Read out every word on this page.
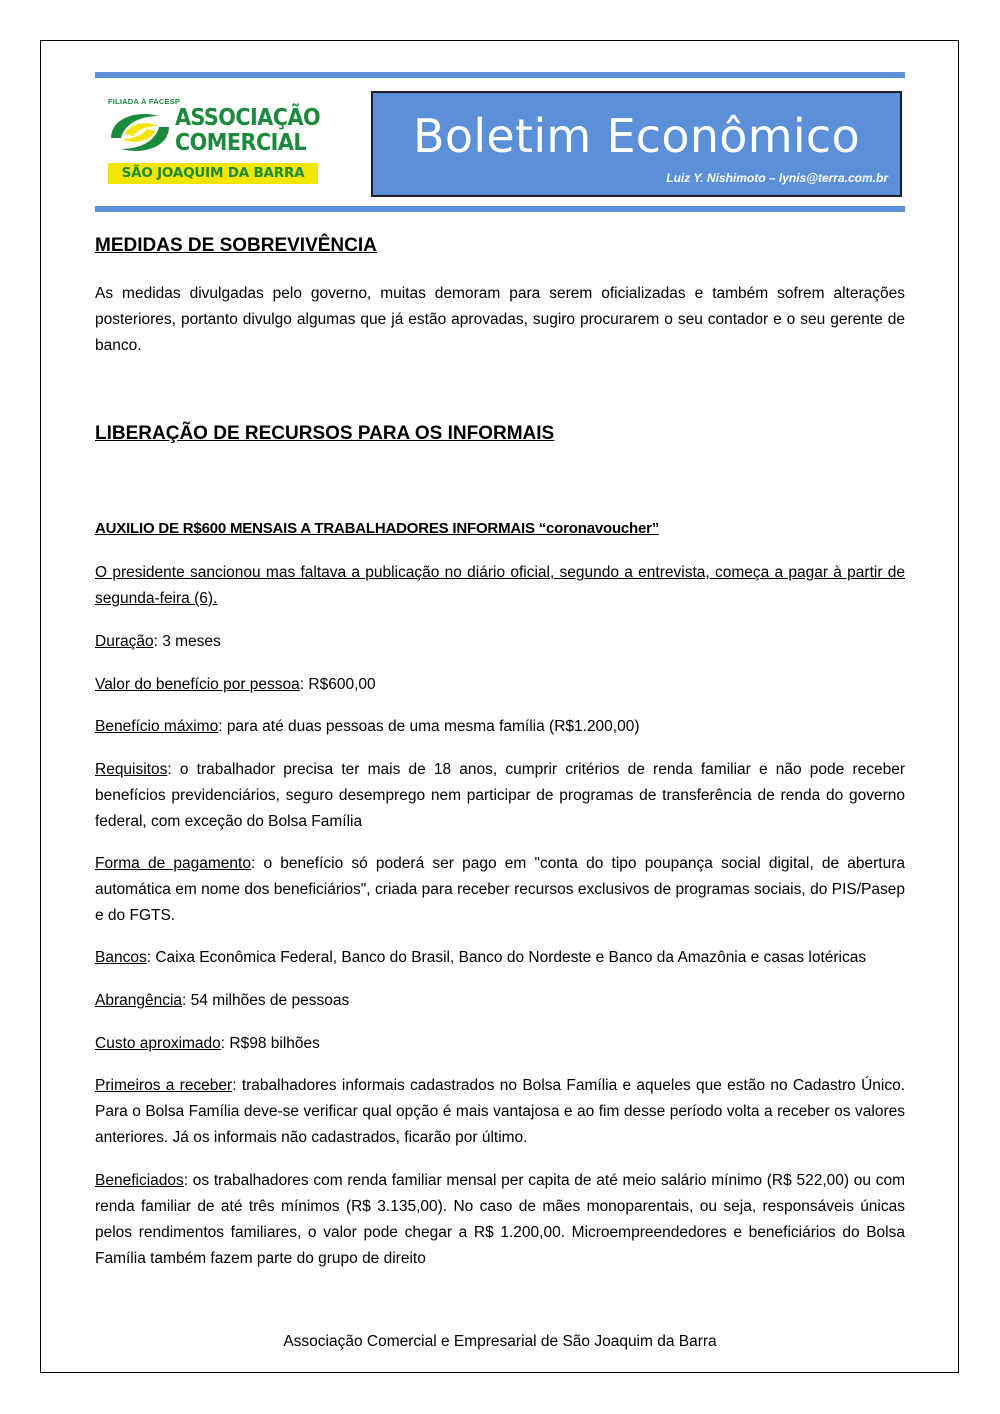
FILIADA À FACESP
ASSOCIAÇÃO
COMERCIAL
SÃO JOAQUIM DA BARRA
Boletim Econômico
Luiz Y. Nishimoto – lynis@terra.com.br
MEDIDAS DE SOBREVIVÊNCIA

As medidas divulgadas pelo governo, muitas demoram para serem oficializadas e também sofrem alterações posteriores, portanto divulgo algumas que já estão aprovadas, sugiro procurarem o seu contador e o seu gerente de banco.

LIBERAÇÃO DE RECURSOS PARA OS INFORMAIS
AUXILIO DE R$600 MENSAIS A TRABALHADORES INFORMAIS “coronavoucher”

O presidente sancionou mas faltava a publicação no diário oficial, segundo a entrevista, começa a pagar à partir de segunda-feira (6).

Duração: 3 meses

Valor do benefício por pessoa: R$600,00

Benefício máximo: para até duas pessoas de uma mesma família (R$1.200,00)

Requisitos: o trabalhador precisa ter mais de 18 anos, cumprir critérios de renda familiar e não pode receber benefícios previdenciários, seguro desemprego nem participar de programas de transferência de renda do governo federal, com exceção do Bolsa Família

Forma de pagamento: o benefício só poderá ser pago em "conta do tipo poupança social digital, de abertura automática em nome dos beneficiários", criada para receber recursos exclusivos de programas sociais, do PIS/Pasep e do FGTS.

Bancos: Caixa Econômica Federal, Banco do Brasil, Banco do Nordeste e Banco da Amazônia e casas lotéricas

Abrangência: 54 milhões de pessoas

Custo aproximado: R$98 bilhões

Primeiros a receber: trabalhadores informais cadastrados no Bolsa Família e aqueles que estão no Cadastro Único. Para o Bolsa Família deve-se verificar qual opção é mais vantajosa e ao fim desse período volta a receber os valores anteriores. Já os informais não cadastrados, ficarão por último.

Beneficiados: os trabalhadores com renda familiar mensal per capita de até meio salário mínimo (R$ 522,00) ou com renda familiar de até três mínimos (R$ 3.135,00). No caso de mães monoparentais, ou seja, responsáveis únicas pelos rendimentos familiares, o valor pode chegar a R$ 1.200,00. Microempreendedores e beneficiários do Bolsa Família também fazem parte do grupo de direito

Associação Comercial e Empresarial de São Joaquim da Barra
